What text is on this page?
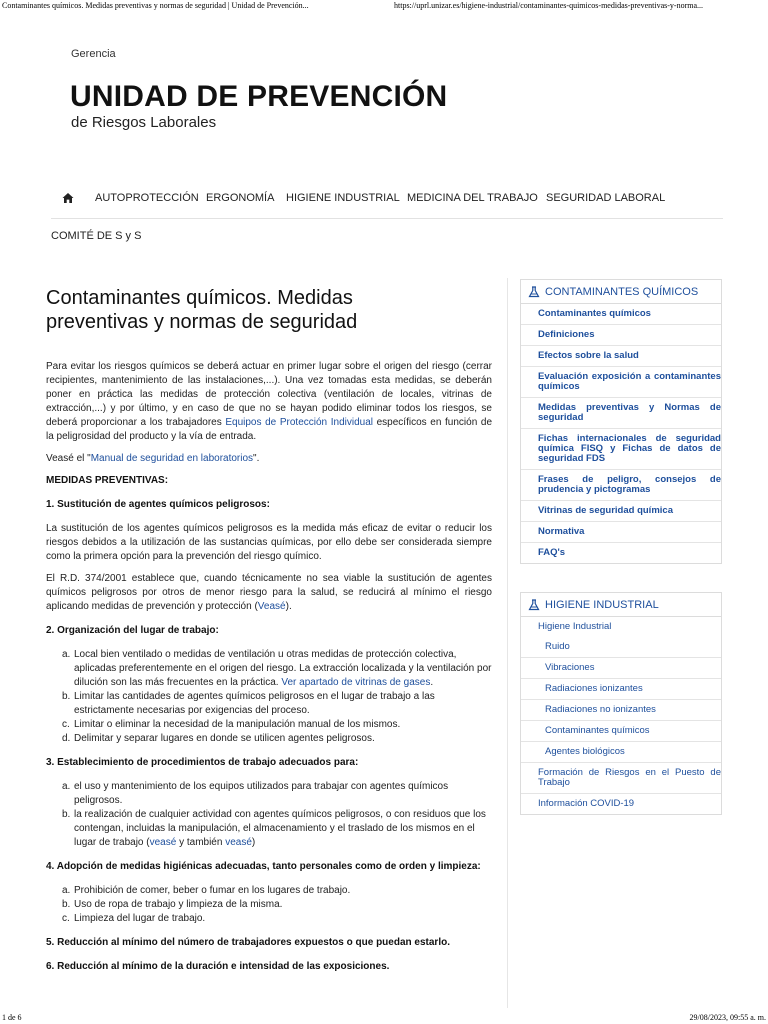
Contaminantes químicos. Medidas preventivas y normas de seguridad | Unidad de Prevención...	https://uprl.unizar.es/higiene-industrial/contaminantes-quimicos-medidas-preventivas-y-norma...
Gerencia
UNIDAD DE PREVENCIÓN
de Riesgos Laborales
AUTOPROTECCIÓN ERGONOMÍA HIGIENE INDUSTRIAL MEDICINA DEL TRABAJO SEGURIDAD LABORAL
COMITÉ DE S y S
Contaminantes químicos. Medidas preventivas y normas de seguridad

Para evitar los riesgos químicos se deberá actuar en primer lugar sobre el origen del riesgo (cerrar recipientes, mantenimiento de las instalaciones,...). Una vez tomadas esta medidas, se deberán poner en práctica las medidas de protección colectiva (ventilación de locales, vitrinas de extracción,...) y por último, y en caso de que no se hayan podido eliminar todos los riesgos, se deberá proporcionar a los trabajadores Equipos de Protección Individual específicos en función de la peligrosidad del producto y la vía de entrada.

Veasé el "Manual de seguridad en laboratorios".

MEDIDAS PREVENTIVAS:
1. Sustitución de agentes químicos peligrosos:

La sustitución de los agentes químicos peligrosos es la medida más eficaz de evitar o reducir los riesgos debidos a la utilización de las sustancias químicas, por ello debe ser considerada siempre como la primera opción para la prevención del riesgo químico.

El R.D. 374/2001 establece que, cuando técnicamente no sea viable la sustitución de agentes químicos peligrosos por otros de menor riesgo para la salud, se reducirá al mínimo el riesgo aplicando medidas de prevención y protección (Veasé).

2. Organización del lugar de trabajo:
a. Local bien ventilado o medidas de ventilación u otras medidas de protección colectiva, aplicadas preferentemente en el origen del riesgo. La extracción localizada y la ventilación por dilución son las más frecuentes en la práctica. Ver apartado de vitrinas de gases.
b. Limitar las cantidades de agentes químicos peligrosos en el lugar de trabajo a las estrictamente necesarias por exigencias del proceso.
c. Limitar o eliminar la necesidad de la manipulación manual de los mismos.
d. Delimitar y separar lugares en donde se utilicen agentes peligrosos.
3. Establecimiento de procedimientos de trabajo adecuados para:
a. el uso y mantenimiento de los equipos utilizados para trabajar con agentes químicos peligrosos.
b. la realización de cualquier actividad con agentes químicos peligrosos, o con residuos que los contengan, incluidas la manipulación, el almacenamiento y el traslado de los mismos en el lugar de trabajo (veasé y también veasé)
4. Adopción de medidas higiénicas adecuadas, tanto personales como de orden y limpieza:
a. Prohibición de comer, beber o fumar en los lugares de trabajo.
b. Uso de ropa de trabajo y limpieza de la misma.
c. Limpieza del lugar de trabajo.
5. Reducción al mínimo del número de trabajadores expuestos o que puedan estarlo.
6. Reducción al mínimo de la duración e intensidad de las exposiciones.
CONTAMINANTES QUÍMICOS
Contaminantes químicos
Definiciones
Efectos sobre la salud
Evaluación exposición a contaminantes químicos
Medidas preventivas y Normas de seguridad
Fichas internacionales de seguridad química FISQ y Fichas de datos de seguridad FDS
Frases de peligro, consejos de prudencia y pictogramas
Vitrinas de seguridad química
Normativa
FAQ's
HIGIENE INDUSTRIAL
Higiene Industrial
Ruido
Vibraciones
Radiaciones ionizantes
Radiaciones no ionizantes
Contaminantes químicos
Agentes biológicos
Formación de Riesgos en el Puesto de Trabajo
Información COVID-19
1 de 6	29/08/2023, 09:55 a. m.
